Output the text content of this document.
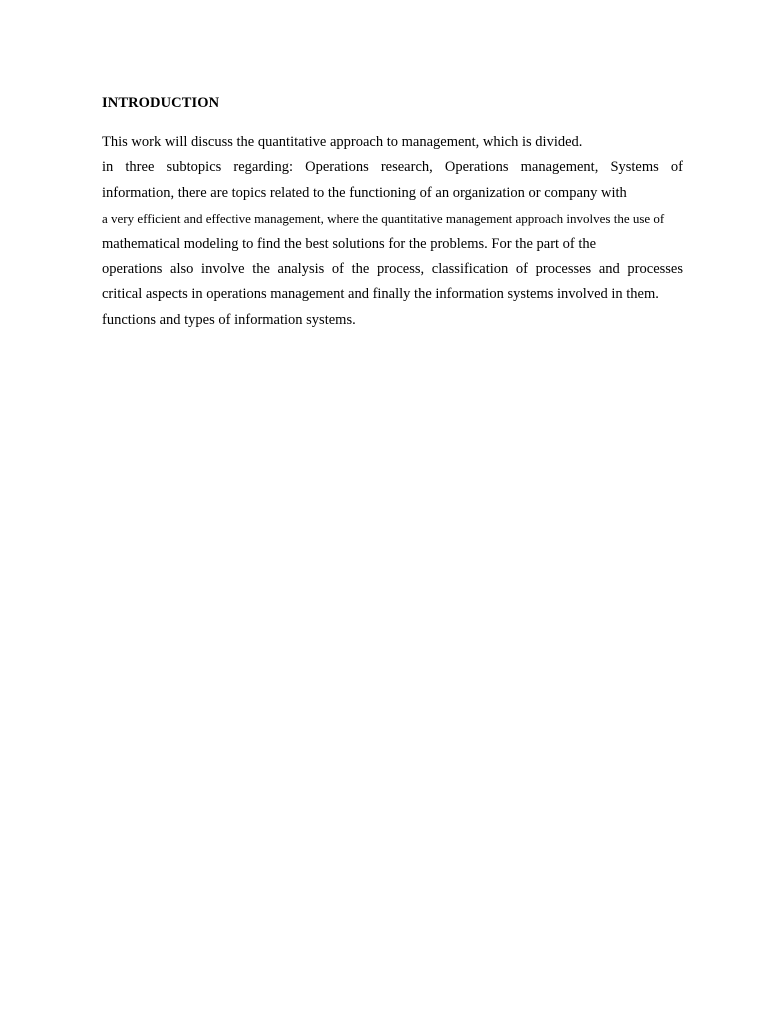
INTRODUCTION
This work will discuss the quantitative approach to management, which is divided.
in three subtopics regarding: Operations research, Operations management, Systems of
information, there are topics related to the functioning of an organization or company with
a very efficient and effective management, where the quantitative management approach involves the use of
mathematical modeling to find the best solutions for the problems. For the part of the
operations also involve the analysis of the process, classification of processes and processes
critical aspects in operations management and finally the information systems involved in them.
functions and types of information systems.
